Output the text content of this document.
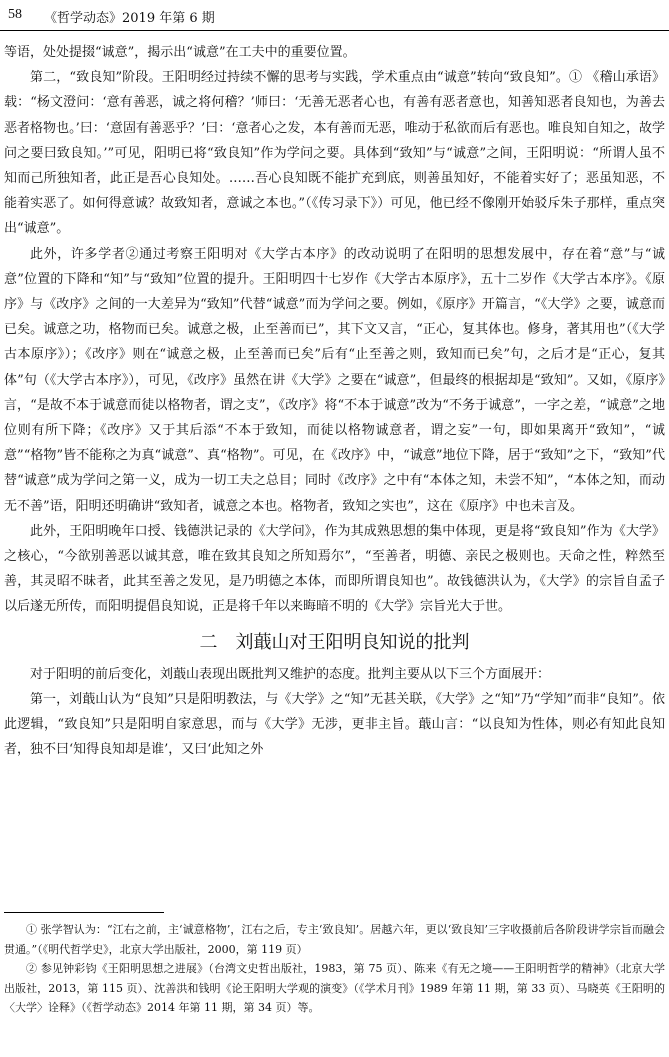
58 《哲学动态》2019 年第 6 期

等语，处处提掇“诚意”，揭示出“诚意”在工夫中的重要位置。

第二，“致良知”阶段。王阳明经过持续不懈的思考与实践，学术重点由“诚意”转向“致良知”。① 《稽山承语》载：“杨文澄问：‘意有善恶，诚之将何稽？’师曰：‘无善无恶者心也，有善有恶者意也，知善知恶者良知也，为善去恶者格物也。’曰：‘意固有善恶乎？’曰：‘意者心之发，本有善而无恶，唯动于私欲而后有恶也。唯良知自知之，故学问之要曰致良知。’”可见，阳明已将“致良知”作为学问之要。具体到“致知”与“诚意”之间，王阳明说：“所谓人虽不知而己所独知者，此正是吾心良知处。……吾心良知既不能扩充到底，则善虽知好，不能着实好了；恶虽知恶，不能着实恶了。如何得意诚？故致知者，意诚之本也。”（《传习录下》）可见，他已经不像刚开始驳斥朱子那样，重点突出“诚意”。

此外，许多学者②通过考察王阳明对《大学古本序》的改动说明了在阳明的思想发展中，存在着“意”与“诚意”位置的下降和“知”与“致知”位置的提升。王阳明四十七岁作《大学古本原序》，五十二岁作《大学古本序》。《原序》与《改序》之间的一大差异为“致知”代替“诚意”而为学问之要。例如，《原序》开篇言，“《大学》之要，诚意而已矣。诚意之功，格物而已矣。诚意之极，止至善而已”，其下文又言，“正心，复其体也。修身，著其用也”（《大学古本原序》）；《改序》则在“诚意之极，止至善而已矣”后有“止至善之则，致知而已矣”句，之后才是“正心，复其体”句（《大学古本序》），可见，《改序》虽然在讲《大学》之要在“诚意”，但最终的根据却是“致知”。又如，《原序》言，“是故不本于诚意而徒以格物者，谓之支”，《改序》将“不本于诚意”改为“不务于诚意”，一字之差，“诚意”之地位则有所下降；《改序》又于其后添“不本于致知，而徒以格物诚意者，谓之妄”一句，即如果离开“致知”，“诚意”“格物”皆不能称之为真“诚意”、真“格物”。可见，在《改序》中，“诚意”地位下降，居于“致知”之下，“致知”代替“诚意”成为学问之第一义，成为一切工夫之总目；同时《改序》之中有“本体之知，未尝不知”，“本体之知，而动无不善”语，阳明还明确讲“致知者，诚意之本也。格物者，致知之实也”，这在《原序》中也未言及。

此外，王阳明晚年口授、钱德洪记录的《大学问》，作为其成熟思想的集中体现，更是将“致良知”作为《大学》之核心，“今欲别善恶以诚其意，唯在致其良知之所知焉尔”，“至善者，明德、亲民之极则也。天命之性，粹然至善，其灵昭不昧者，此其至善之发见，是乃明德之本体，而即所谓良知也”。故钱德洪认为，《大学》的宗旨自孟子以后遂无所传，而阳明提倡良知说，正是将千年以来晦暗不明的《大学》宗旨光大于世。

二 刘蕺山对王阳明良知说的批判

对于阳明的前后变化，刘蕺山表现出既批判又维护的态度。批判主要从以下三个方面展开：

第一，刘蕺山认为“良知”只是阳明教法，与《大学》之“知”无甚关联，《大学》之“知”乃“学知”而非“良知”。依此逻辑，“致良知”只是阳明自家意思，而与《大学》无涉，更非主旨。蕺山言：“以良知为性体，则必有知此良知者，独不曰‘知得良知却是谁’，又曰‘此知之外

① 张学智认为：“江右之前，主‘诚意格物’，江右之后，专主‘致良知’。居越六年，更以‘致良知’三字收摄前后各阶段讲学宗旨而融会贯通。”（《明代哲学史》，北京大学出版社，2000，第 119 页）

② 参见钟彩钧《王阳明思想之进展》（台湾文史哲出版社，1983，第 75 页）、陈来《有无之境——王阳明哲学的精神》（北京大学出版社，2013，第 115 页）、沈善洪和钱明《论王阳明大学观的演变》（《学术月刊》1989 年第 11 期，第 33 页）、马晓英《王阳明的〈大学〉诠释》（《哲学动态》2014 年第 11 期，第 34 页）等。
